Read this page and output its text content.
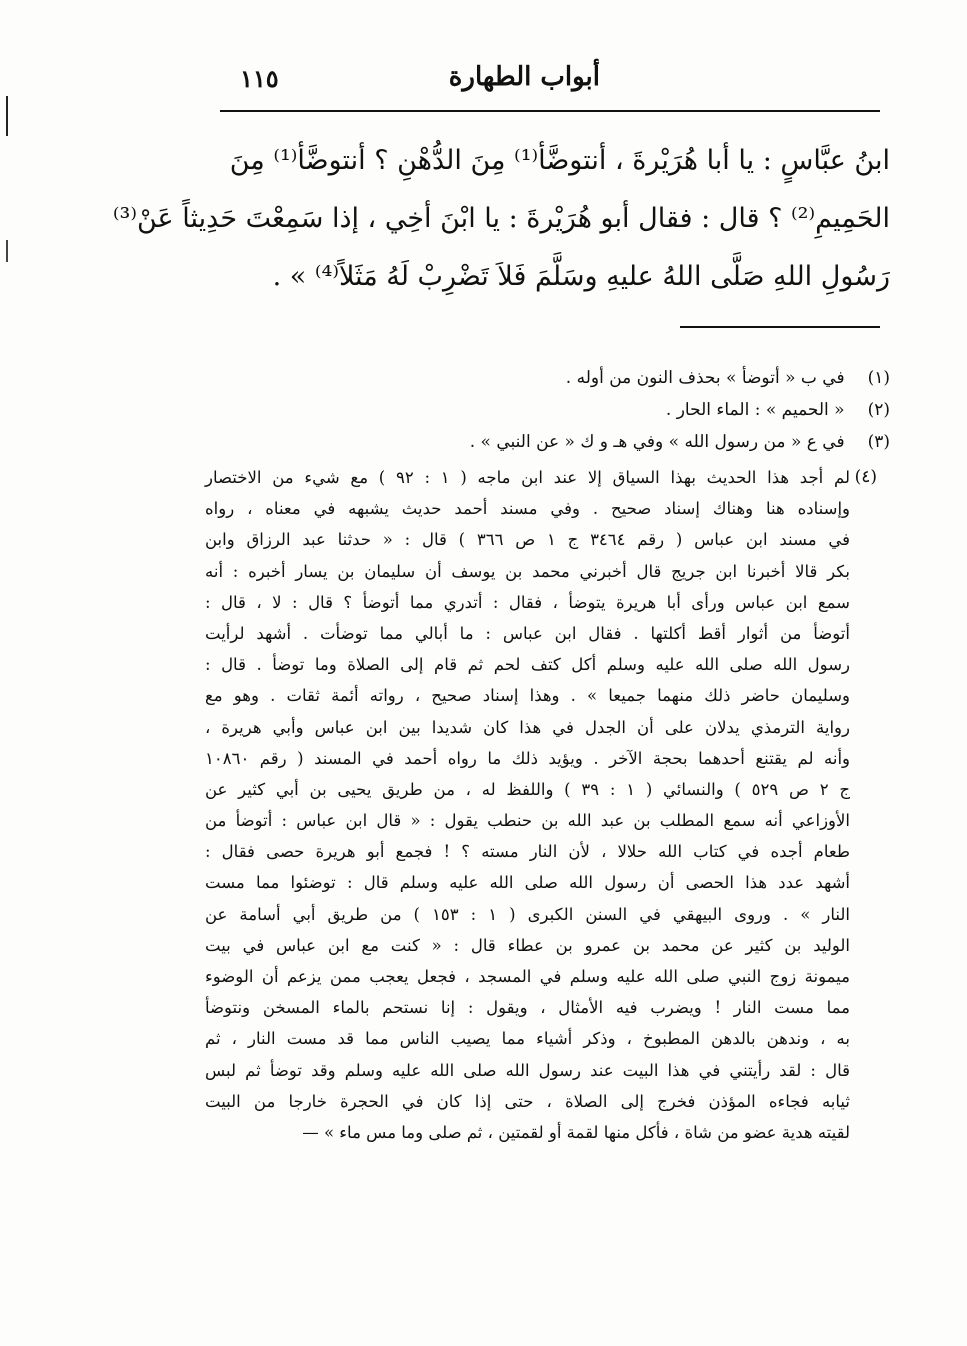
أبواب الطهارة
١١٥
ابنُ عبَّاسٍ : يا أبا هُرَيْرةَ ، أنتوضَّأ⁽¹⁾ مِنَ الدُّهْنِ ؟ أنتوضَّأ⁽¹⁾ مِنَ
الحَمِيمِ⁽²⁾ ؟ قال : فقال أبو هُرَيْرةَ : يا ابْنَ أخِي ، إذا سَمِعْتَ حَدِيثاً عَنْ⁽³⁾
رَسُولِ اللهِ صَلَّى اللهُ عليهِ وسَلَّمَ فَلاَ تَضْرِبْ لَهُ مَثَلاً⁽⁴⁾ » .
(١) في ب « أتوضأ » بحذف النون من أوله .
(٢) « الحميم » : الماء الحار .
(٣) في ع « من رسول الله » وفي هـ و ك « عن النبي » .
(٤)
لم أجد هذا الحديث بهذا السياق إلا عند ابن ماجه ( ١ : ٩٢ ) مع شيء من الاختصار
وإسناده هنا وهناك إسناد صحيح . وفي مسند أحمد حديث يشبهه في معناه ، رواه
في مسند ابن عباس ( رقم ٣٤٦٤ ج ١ ص ٣٦٦ ) قال : « حدثنا عبد الرزاق وابن
بكر قالا أخبرنا ابن جريج قال أخبرني محمد بن يوسف أن سليمان بن يسار أخبره : أنه
سمع ابن عباس ورأى أبا هريرة يتوضأ ، فقال : أتدري مما أتوضأ ؟ قال : لا ، قال :
أتوضأ من أثوار أقط أكلتها . فقال ابن عباس : ما أبالي مما توضأت . أشهد لرأيت
رسول الله صلى الله عليه وسلم أكل كتف لحم ثم قام إلى الصلاة وما توضأ . قال :
وسليمان حاضر ذلك منهما جميعا » . وهذا إسناد صحيح ، رواته أئمة ثقات . وهو مع
رواية الترمذي يدلان على أن الجدل في هذا كان شديدا بين ابن عباس وأبي هريرة ،
وأنه لم يقتنع أحدهما بحجة الآخر . ويؤيد ذلك ما رواه أحمد في المسند ( رقم ١٠٨٦٠
ج ٢ ص ٥٢٩ ) والنسائي ( ١ : ٣٩ ) واللفظ له ، من طريق يحيى بن أبي كثير عن
الأوزاعي أنه سمع المطلب بن عبد الله بن حنطب يقول : « قال ابن عباس : أتوضأ من
طعام أجده في كتاب الله حلالا ، لأن النار مسته ؟ ! فجمع أبو هريرة حصى فقال :
أشهد عدد هذا الحصى أن رسول الله صلى الله عليه وسلم قال : توضئوا مما مست
النار » . وروى البيهقي في السنن الكبرى ( ١ : ١٥٣ ) من طريق أبي أسامة عن
الوليد بن كثير عن محمد بن عمرو بن عطاء قال : « كنت مع ابن عباس في بيت
ميمونة زوج النبي صلى الله عليه وسلم في المسجد ، فجعل يعجب ممن يزعم أن الوضوء
مما مست النار ! ويضرب فيه الأمثال ، ويقول : إنا نستحم بالماء المسخن ونتوضأ
به ، وندهن بالدهن المطبوخ ، وذكر أشياء مما يصيب الناس مما قد مست النار ، ثم
قال : لقد رأيتني في هذا البيت عند رسول الله صلى الله عليه وسلم وقد توضأ ثم لبس
ثيابه فجاءه المؤذن فخرج إلى الصلاة ، حتى إذا كان في الحجرة خارجا من البيت
لقيته هدية عضو من شاة ، فأكل منها لقمة أو لقمتين ، ثم صلى وما مس ماء » —
